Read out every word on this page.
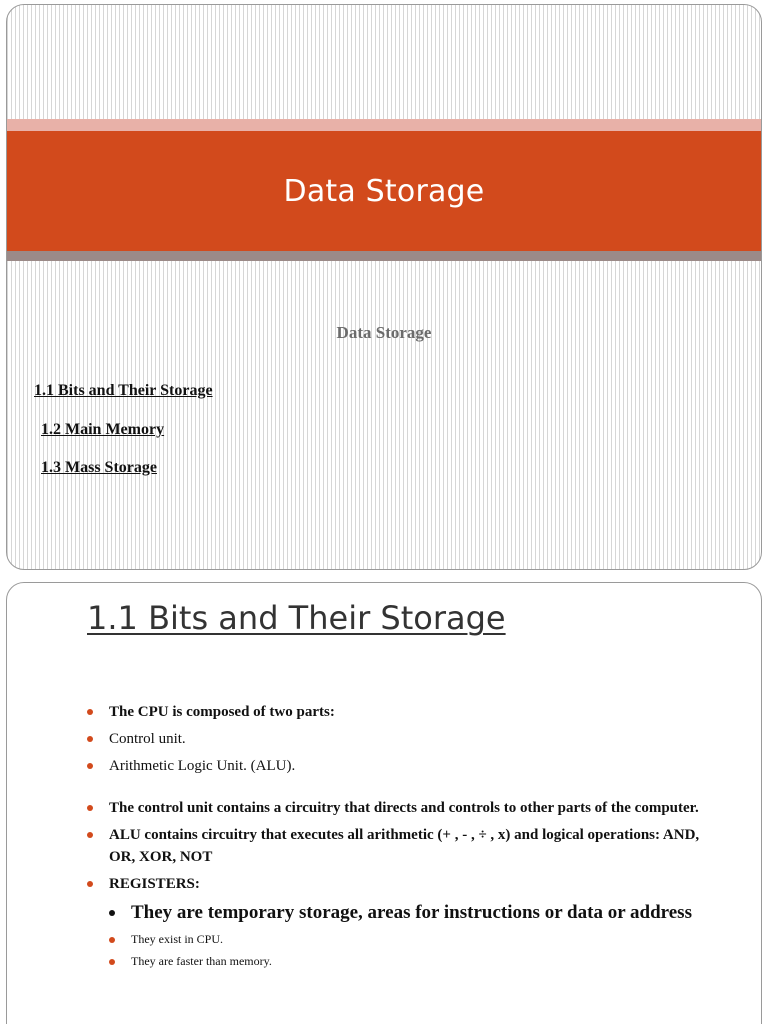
Data Storage
Data Storage
1.1 Bits and Their Storage
1.2 Main Memory
1.3 Mass Storage
1.1 Bits and Their Storage
The CPU is composed of two parts:
Control unit.
Arithmetic Logic Unit. (ALU).
The control unit contains a circuitry that directs and controls to other parts of the computer.
ALU contains circuitry that executes all arithmetic (+ , - , ÷ , x) and logical operations: AND, OR, XOR, NOT
REGISTERS:
They are temporary storage, areas for instructions or data or address
They exist in CPU.
They are faster than memory.
